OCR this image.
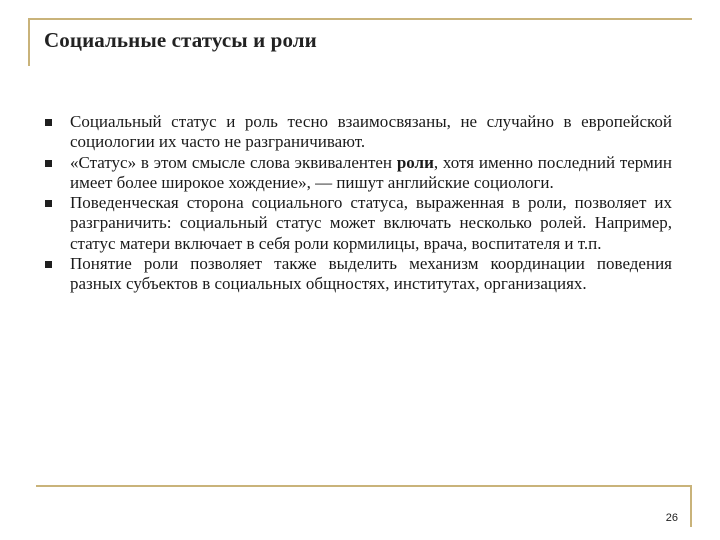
Социальные статусы и роли
Социальный статус и роль тесно взаимосвязаны, не случайно в европейской социологии их часто не разграничивают.
«Статус» в этом смысле слова эквивалентен роли, хотя именно последний термин имеет более широкое хождение», — пишут английские социологи.
Поведенческая сторона социального статуса, выраженная в роли, позволяет их разграничить: социальный статус может включать несколько ролей. Например, статус матери включает в себя роли кормилицы, врача, воспитателя и т.п.
Понятие роли позволяет также выделить механизм координации поведения разных субъектов в социальных общностях, институтах, организациях.
26
